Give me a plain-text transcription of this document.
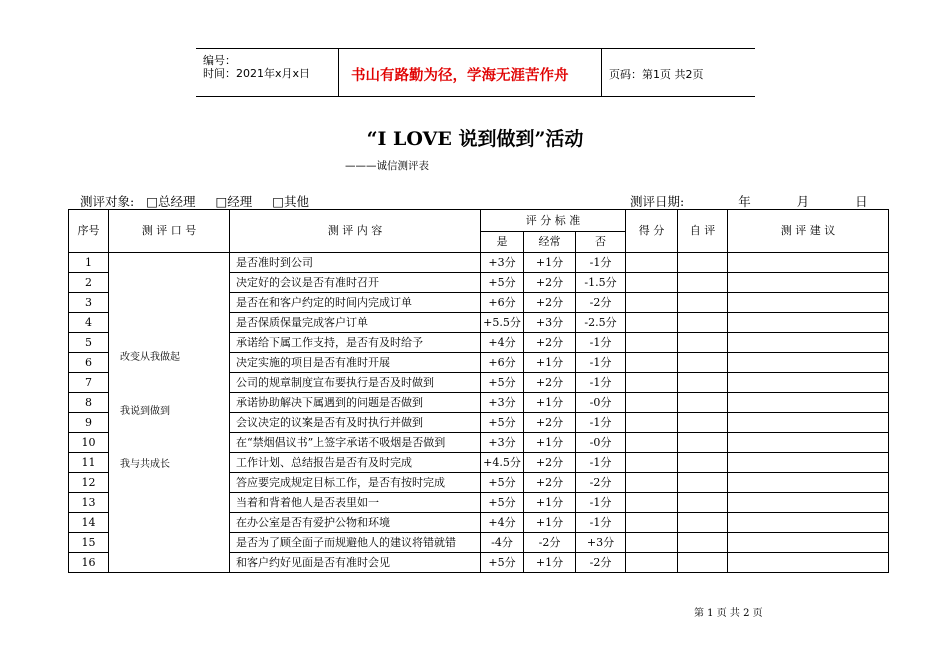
编号：
时间：2021年x月x日	书山有路勤为径，学海无涯苦作舟	页码：第1页 共2页
“I LOVE 说到做到”活动
———诚信测评表
测评对象: □总经理 □经理 □其他	测评日期:	年	月	日
序号	测 评 口 号	测 评 内 容	评 分 标 准			得 分	自 评	测 评 建 议
			是	经常	否			
1		是否准时到公司	+3分	+1分	-1分			
2		决定好的会议是否有准时召开	+5分	+2分	-1.5分			
3		是否在和客户约定的时间内完成订单	+6分	+2分	-2分			
4		是否保质保量完成客户订单	+5.5分	+3分	-2.5分			
5		承诺给下属工作支持，是否有及时给予	+4分	+2分	-1分			
6		决定实施的项目是否有准时开展	+6分	+1分	-1分			
7		公司的规章制度宣布要执行是否及时做到	+5分	+2分	-1分			
8		承诺协助解决下属遇到的问题是否做到	+3分	+1分	-0分			
9		会议决定的议案是否有及时执行并做到	+5分	+2分	-1分			
10		在“禁烟倡议书”上签字承诺不吸烟是否做到	+3分	+1分	-0分			
11		工作计划、总结报告是否有及时完成	+4.5分	+2分	-1分			
12		答应要完成规定目标工作，是否有按时完成	+5分	+2分	-2分			
13		当着和背着他人是否表里如一	+5分	+1分	-1分			
14		在办公室是否有爱护公物和环境	+4分	+1分	-1分			
15		是否为了顾全面子而规避他人的建议将错就错	-4分	-2分	+3分			
16		和客户约好见面是否有准时会见	+5分	+1分	-2分			
改变从我做起
我说到做到
我与共成长
第 1 页 共 2 页
